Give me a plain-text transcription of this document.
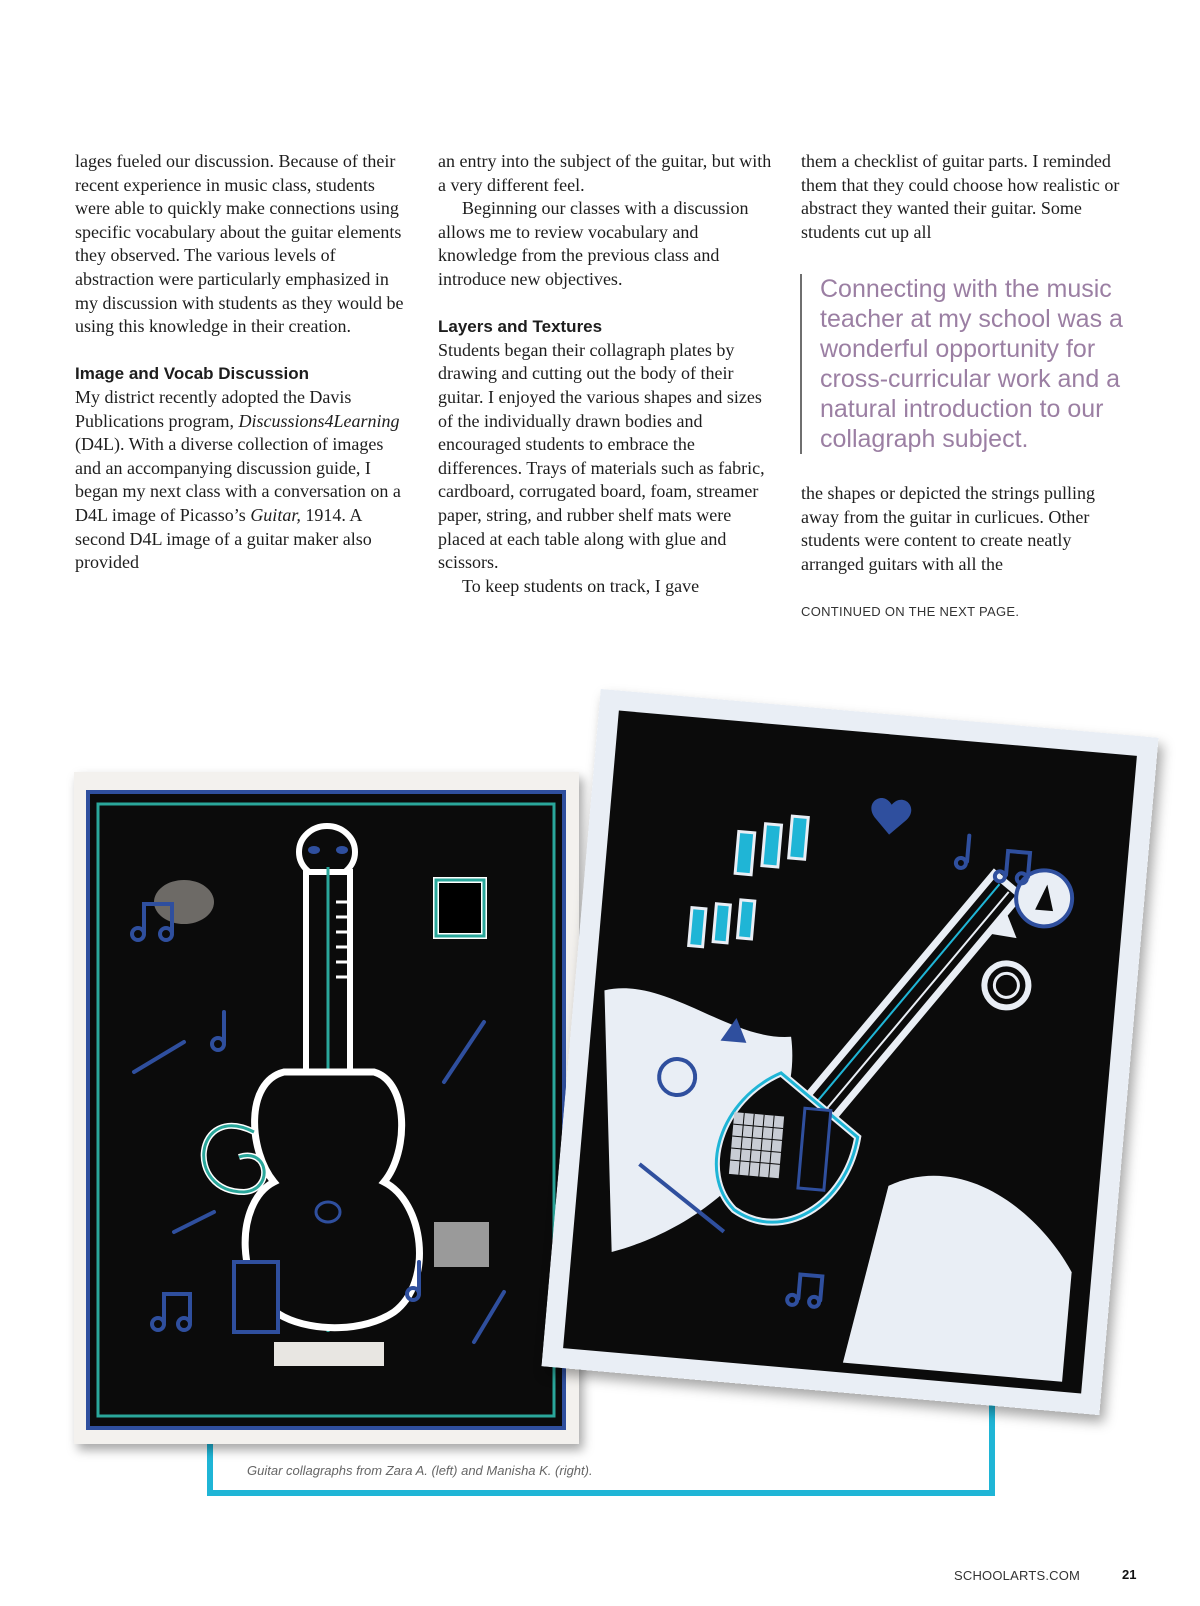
lages fueled our discussion. Because of their recent experience in music class, students were able to quickly make connections using specific vocabulary about the guitar elements they observed. The various levels of abstraction were particularly emphasized in my discussion with students as they would be using this knowledge in their creation.

Image and Vocab Discussion

My district recently adopted the Davis Publications program, Discussions4Learning (D4L). With a diverse collection of images and an accompanying discussion guide, I began my next class with a conversation on a D4L image of Picasso’s Guitar, 1914. A second D4L image of a guitar maker also provided

an entry into the subject of the guitar, but with a very different feel.

Beginning our classes with a discussion allows me to review vocabulary and knowledge from the previous class and introduce new objectives.

Layers and Textures

Students began their collagraph plates by drawing and cutting out the body of their guitar. I enjoyed the various shapes and sizes of the individually drawn bodies and encouraged students to embrace the differences. Trays of materials such as fabric, cardboard, corrugated board, foam, streamer paper, string, and rubber shelf mats were placed at each table along with glue and scissors.

To keep students on track, I gave

them a checklist of guitar parts. I reminded them that they could choose how realistic or abstract they wanted their guitar. Some students cut up all

Connecting with the music teacher at my school was a wonderful opportunity for cross-curricular work and a natural introduction to our collagraph subject.

the shapes or depicted the strings pulling away from the guitar in curlicues. Other students were content to create neatly arranged guitars with all the

CONTINUED ON THE NEXT PAGE.
Guitar collagraphs from Zara A. (left) and Manisha K. (right).
SCHOOLARTS.COM	21
